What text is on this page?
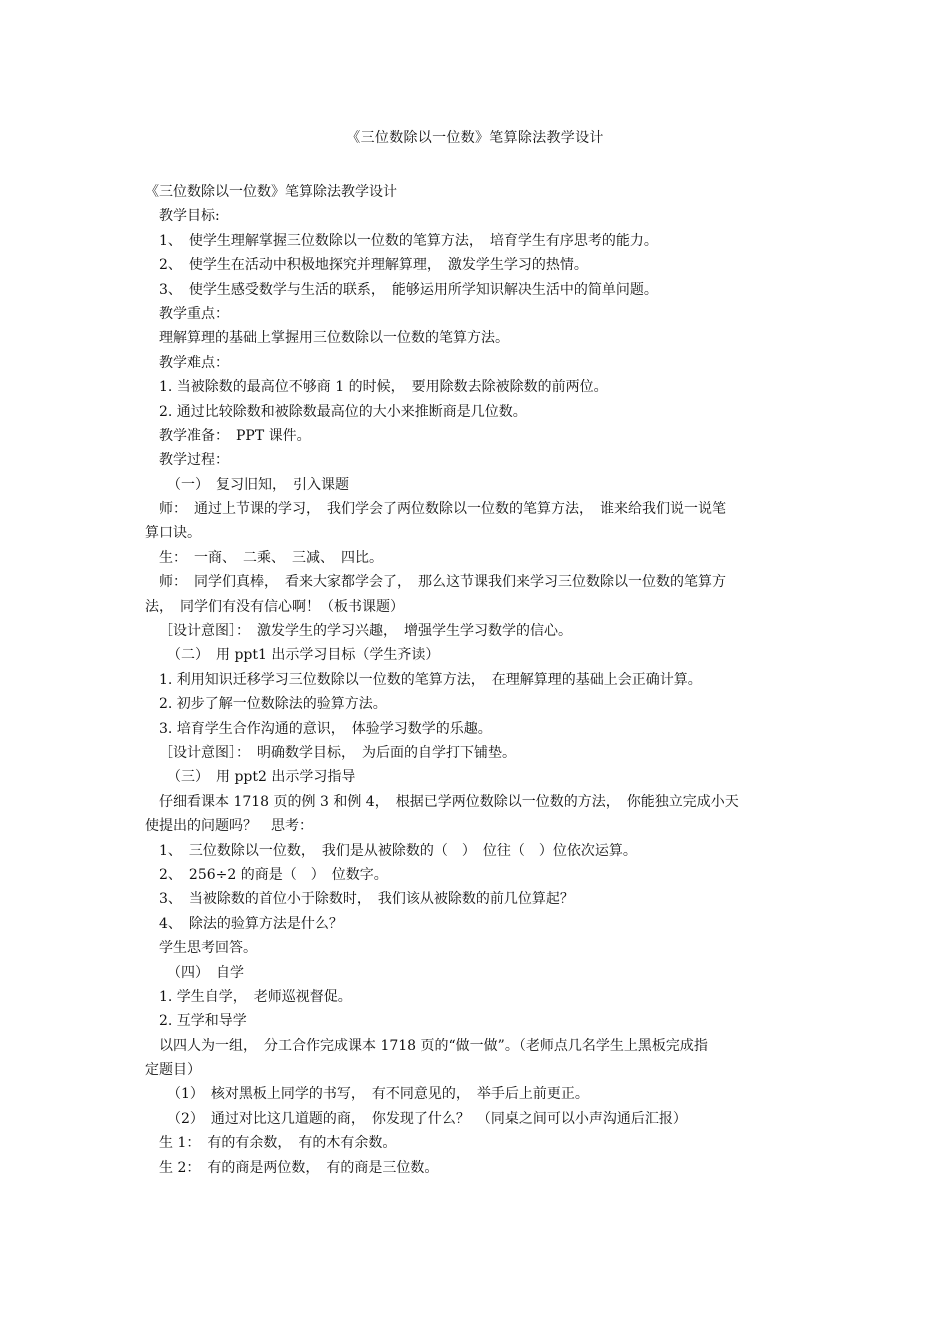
《三位数除以一位数》笔算除法教学设计
《三位数除以一位数》笔算除法教学设计
教学目标:
1、　使学生理解掌握三位数除以一位数的笔算方法，　培育学生有序思考的能力。
2、　使学生在活动中积极地探究并理解算理，　激发学生学习的热情。
3、　使学生感受数学与生活的联系，　能够运用所学知识解决生活中的简单问题。
教学重点：
理解算理的基础上掌握用三位数除以一位数的笔算方法。
教学难点：
1. 当被除数的最高位不够商 1 的时候，　要用除数去除被除数的前两位。
2. 通过比较除数和被除数最高位的大小来推断商是几位数。
教学准备：　PPT 课件。
教学过程：
（一）　复习旧知，　引入课题
师：　通过上节课的学习，　我们学会了两位数除以一位数的笔算方法，　谁来给我们说一说笔
算口诀。
生：　一商、　二乘、　三减、　四比。
师：　同学们真棒，　看来大家都学会了，　那么这节课我们来学习三位数除以一位数的笔算方
法，　同学们有没有信心啊！（板书课题）
［设计意图］：　激发学生的学习兴趣，　增强学生学习数学的信心。
（二）　用 ppt1 出示学习目标（学生齐读）
1. 利用知识迁移学习三位数除以一位数的笔算方法，　在理解算理的基础上会正确计算。
2. 初步了解一位数除法的验算方法。
3. 培育学生合作沟通的意识，　体验学习数学的乐趣。
［设计意图］：　明确数学目标，　为后面的自学打下铺垫。
（三）　用 ppt2 出示学习指导
仔细看课本 1718 页的例 3 和例 4，　根据已学两位数除以一位数的方法，　你能独立完成小天
使提出的问题吗？　思考：
1、　三位数除以一位数，　我们是从被除数的（　）　位往（　）位依次运算。
2、　256÷2 的商是（　）　位数字。
3、　当被除数的首位小于除数时，　我们该从被除数的前几位算起？
4、　除法的验算方法是什么？
学生思考回答。
（四）　自学
1. 学生自学，　老师巡视督促。
2. 互学和导学
以四人为一组，　分工合作完成课本 1718 页的“做一做”。（老师点几名学生上黑板完成指
定题目）
（1）　核对黑板上同学的书写，　有不同意见的，　举手后上前更正。
（2）　通过对比这几道题的商，　你发现了什么？　（同桌之间可以小声沟通后汇报）
生 1：　有的有余数，　有的木有余数。
生 2：　有的商是两位数，　有的商是三位数。
